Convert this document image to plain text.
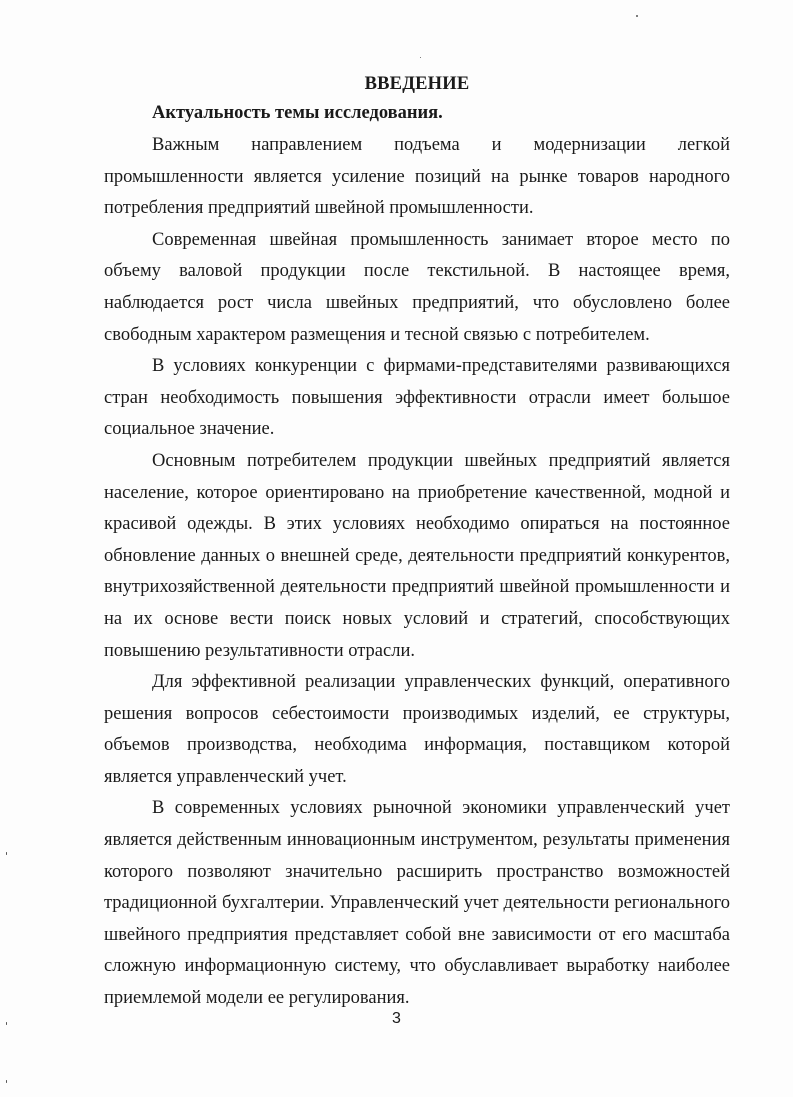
ВВЕДЕНИЕ
Актуальность темы исследования.

Важным направлением подъема и модернизации легкой промышленности является усиление позиций на рынке товаров народного потребления предприятий швейной промышленности.

Современная швейная промышленность занимает второе место по объему валовой продукции после текстильной. В настоящее время, наблюдается рост числа швейных предприятий, что обусловлено более свободным характером размещения и тесной связью с потребителем.

В условиях конкуренции с фирмами-представителями развивающихся стран необходимость повышения эффективности отрасли имеет большое социальное значение.

Основным потребителем продукции швейных предприятий является население, которое ориентировано на приобретение качественной, модной и красивой одежды. В этих условиях необходимо опираться на постоянное обновление данных о внешней среде, деятельности предприятий конкурентов, внутрихозяйственной деятельности предприятий швейной промышленности и на их основе вести поиск новых условий и стратегий, способствующих повышению результативности отрасли.

Для эффективной реализации управленческих функций, оперативного решения вопросов себестоимости производимых изделий, ее структуры, объемов производства, необходима информация, поставщиком которой является управленческий учет.

В современных условиях рыночной экономики управленческий учет является действенным инновационным инструментом, результаты применения которого позволяют значительно расширить пространство возможностей традиционной бухгалтерии. Управленческий учет деятельности регионального швейного предприятия представляет собой вне зависимости от его масштаба сложную информационную систему, что обуславливает выработку наиболее приемлемой модели ее регулирования.

3
